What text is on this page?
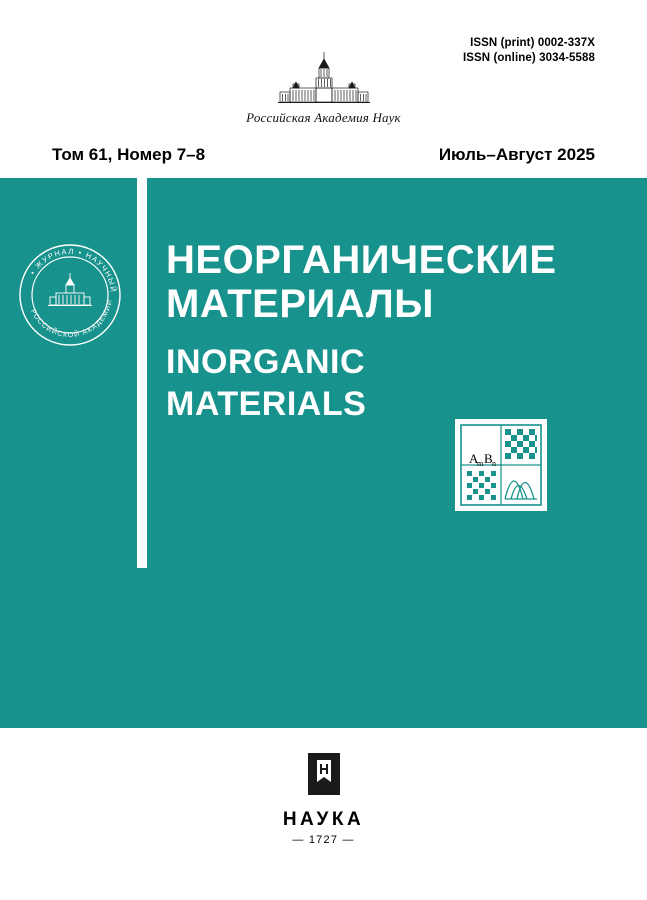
ISSN (print) 0002-337X
ISSN (online) 3034-5588
Российская Академия Наук
Том 61, Номер 7–8	Июль–Август 2025
• ЖУРНАЛ • НАУЧНЫЙ
РОССИЙСКОЙ АКАДЕМИИ
НЕОРГАНИЧЕСКИЕ
МАТЕРИАЛЫ
INORGANIC
MATERIALS
A
m B n
НАУКА
— 1727 —
